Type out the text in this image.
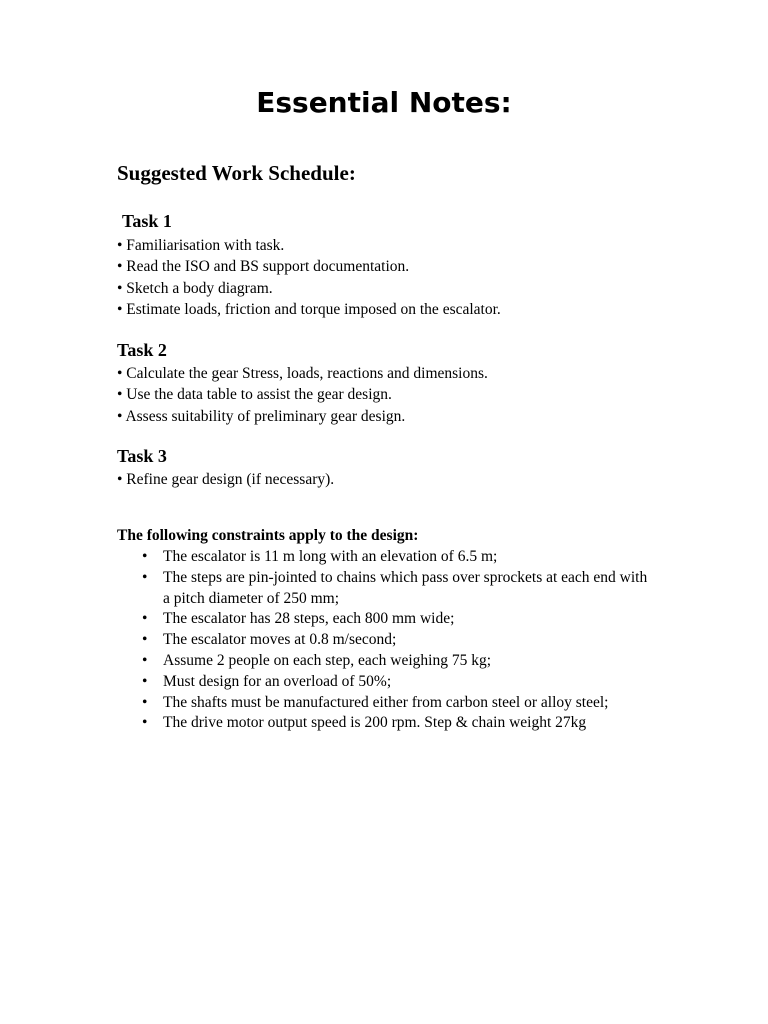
Essential Notes:
Suggested Work Schedule:
Task 1
• Familiarisation with task.
• Read the ISO and BS support documentation.
• Sketch a body diagram.
• Estimate loads, friction and torque imposed on the escalator.
Task 2
• Calculate the gear Stress, loads, reactions and dimensions.
• Use the data table to assist the gear design.
• Assess suitability of preliminary gear design.
Task 3
• Refine gear design (if necessary).
The following constraints apply to the design:
• The escalator is 11 m long with an elevation of 6.5 m;
• The steps are pin-jointed to chains which pass over sprockets at each end with a pitch diameter of 250 mm;
• The escalator has 28 steps, each 800 mm wide;
• The escalator moves at 0.8 m/second;
• Assume 2 people on each step, each weighing 75 kg;
• Must design for an overload of 50%;
• The shafts must be manufactured either from carbon steel or alloy steel;
• The drive motor output speed is 200 rpm. Step & chain weight 27kg
